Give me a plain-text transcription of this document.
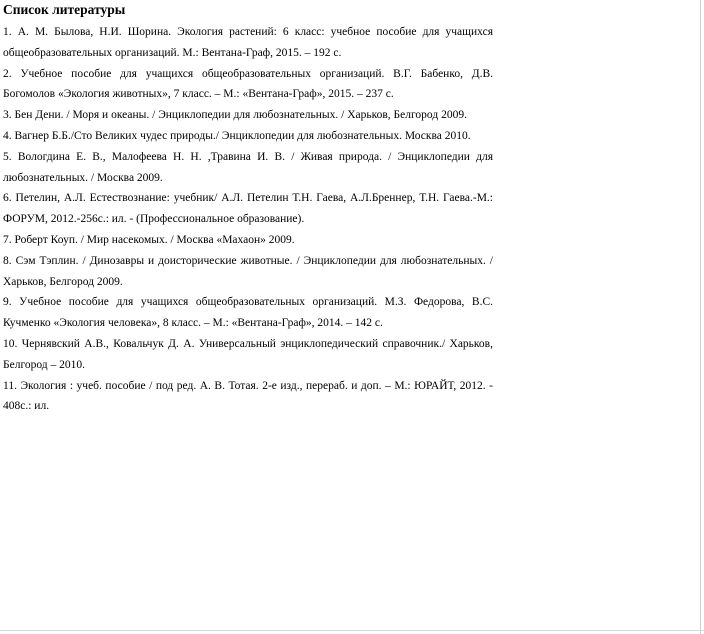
Список литературы

1. А. М. Былова, Н.И. Шорина. Экология растений: 6 класс: учебное пособие для учащихся общеобразовательных организаций. М.: Вентана-Граф, 2015. – 192 с.

2. Учебное пособие для учащихся общеобразовательных организаций. В.Г. Бабенко, Д.В. Богомолов «Экология животных», 7 класс. – М.: «Вентана-Граф», 2015. – 237 с.

3. Бен Дени. / Моря и океаны. / Энциклопедии для любознательных. / Харьков, Белгород 2009.

4. Вагнер Б.Б./Сто Великих чудес природы./ Энциклопедии для любознательных. Москва 2010.

5. Вологдина Е. В., Малофеева Н. Н. ,Травина И. В. / Живая природа. / Энциклопедии для любознательных. / Москва 2009.

6. Петелин, А.Л. Естествознание: учебник/ А.Л. Петелин Т.Н. Гаева, А.Л.Бреннер, Т.Н. Гаева.-М.: ФОРУМ, 2012.-256с.: ил. - (Профессиональное образование).

7. Роберт Коуп. / Мир насекомых. / Москва «Махаон» 2009.

8. Сэм Тэплин. / Динозавры и доисторические животные. / Энциклопедии для любознательных. / Харьков, Белгород 2009.

9. Учебное пособие для учащихся общеобразовательных организаций. М.З. Федорова, В.С. Кучменко «Экология человека», 8 класс. – М.: «Вентана-Граф», 2014. – 142 с.

10. Чернявский А.В., Ковальчук Д. А. Универсальный энциклопедический справочник./ Харьков, Белгород – 2010.

11. Экология : учеб. пособие / под ред. А. В. Тотая. 2-е изд., перераб. и доп. – М.: ЮРАЙТ, 2012. - 408с.: ил.
